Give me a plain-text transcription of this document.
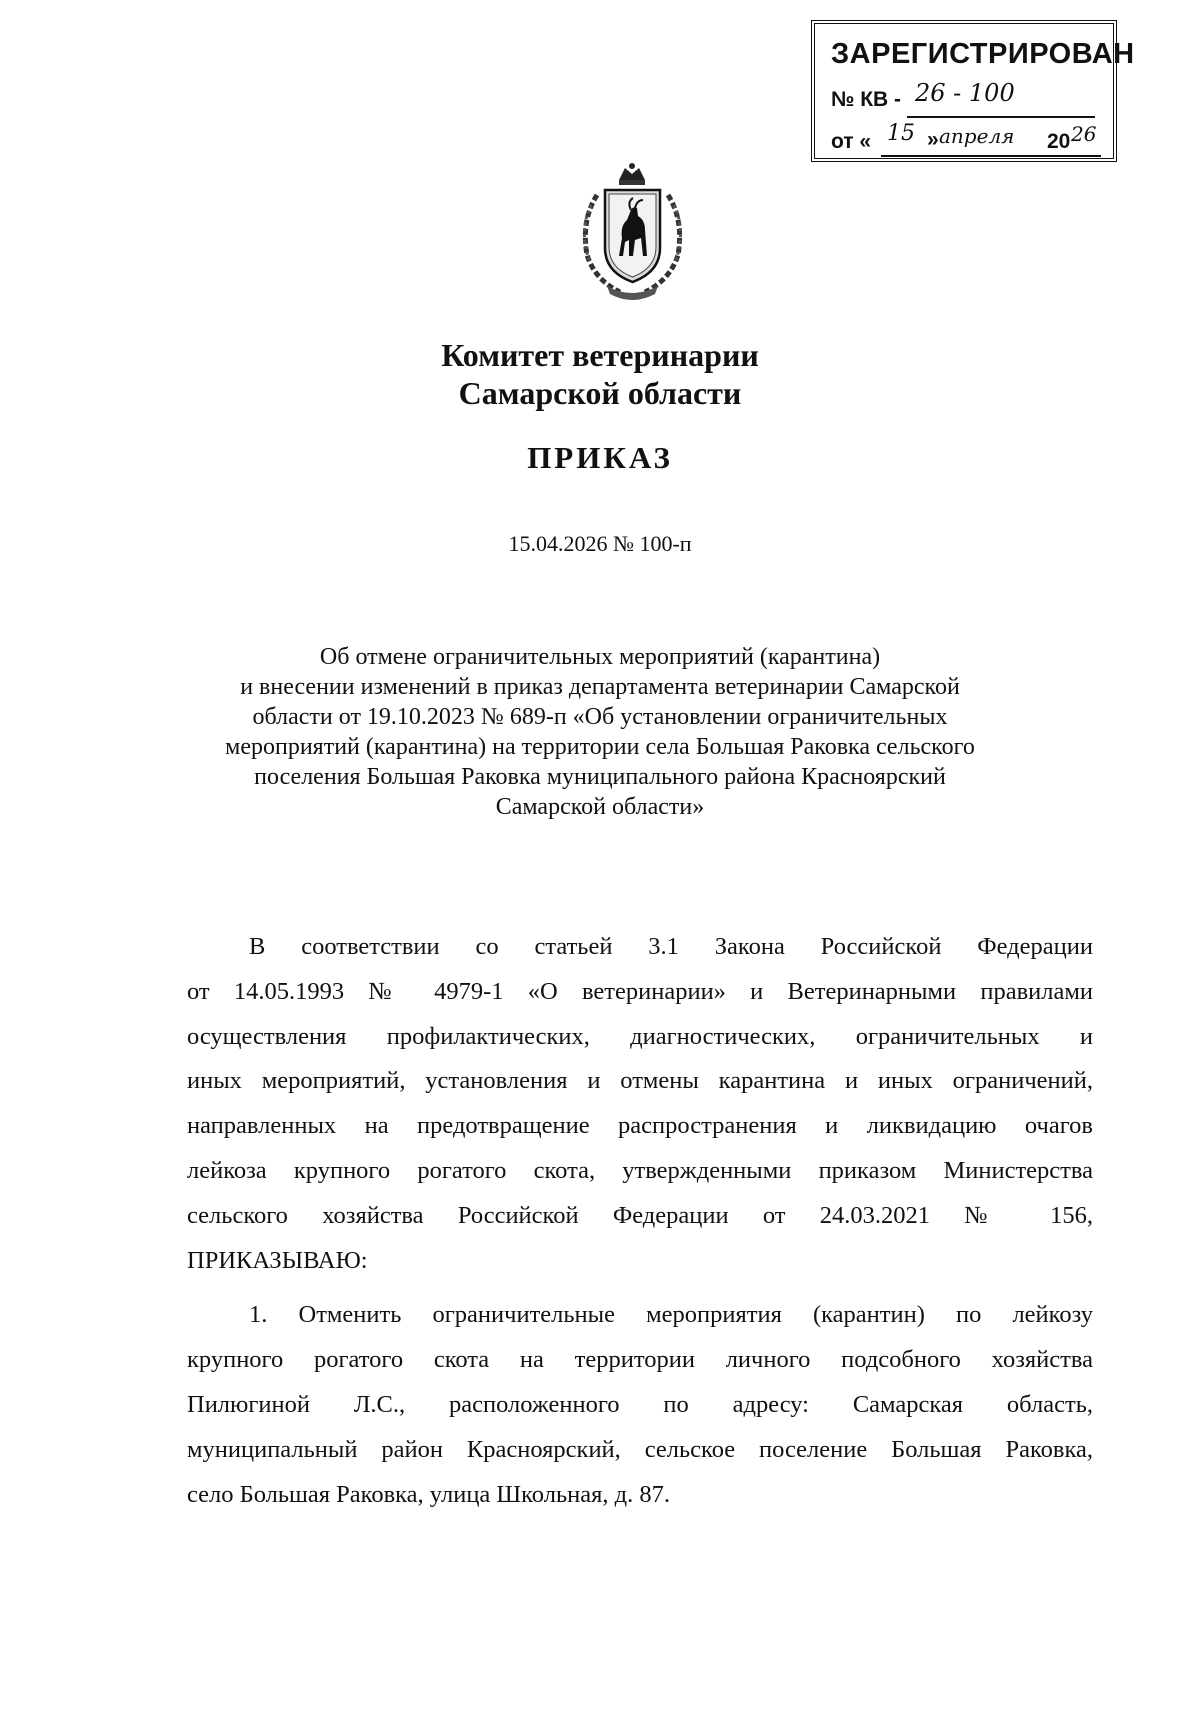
ЗАРЕГИСТРИРОВАН
№ КВ - 26 - 100
от « 15 » апреля 20 26
Комитет ветеринарии
Самарской области
ПРИКАЗ
15.04.2026 № 100-п
Об отмене ограничительных мероприятий (карантина)
и внесении изменений в приказ департамента ветеринарии Самарской
области от 19.10.2023 № 689-п «Об установлении ограничительных
мероприятий (карантина) на территории села Большая Раковка сельского
поселения Большая Раковка муниципального района Красноярский
Самарской области»
В соответствии со статьей 3.1 Закона Российской Федерации
от 14.05.1993 № 4979-1 «О ветеринарии» и Ветеринарными правилами
осуществления профилактических, диагностических, ограничительных и
иных мероприятий, установления и отмены карантина и иных ограничений,
направленных на предотвращение распространения и ликвидацию очагов
лейкоза крупного рогатого скота, утвержденными приказом Министерства
сельского хозяйства Российской Федерации от 24.03.2021 № 156,
ПРИКАЗЫВАЮ:
1. Отменить ограничительные мероприятия (карантин) по лейкозу
крупного рогатого скота на территории личного подсобного хозяйства
Пилюгиной Л.С., расположенного по адресу: Самарская область,
муниципальный район Красноярский, сельское поселение Большая Раковка,
село Большая Раковка, улица Школьная, д. 87.
